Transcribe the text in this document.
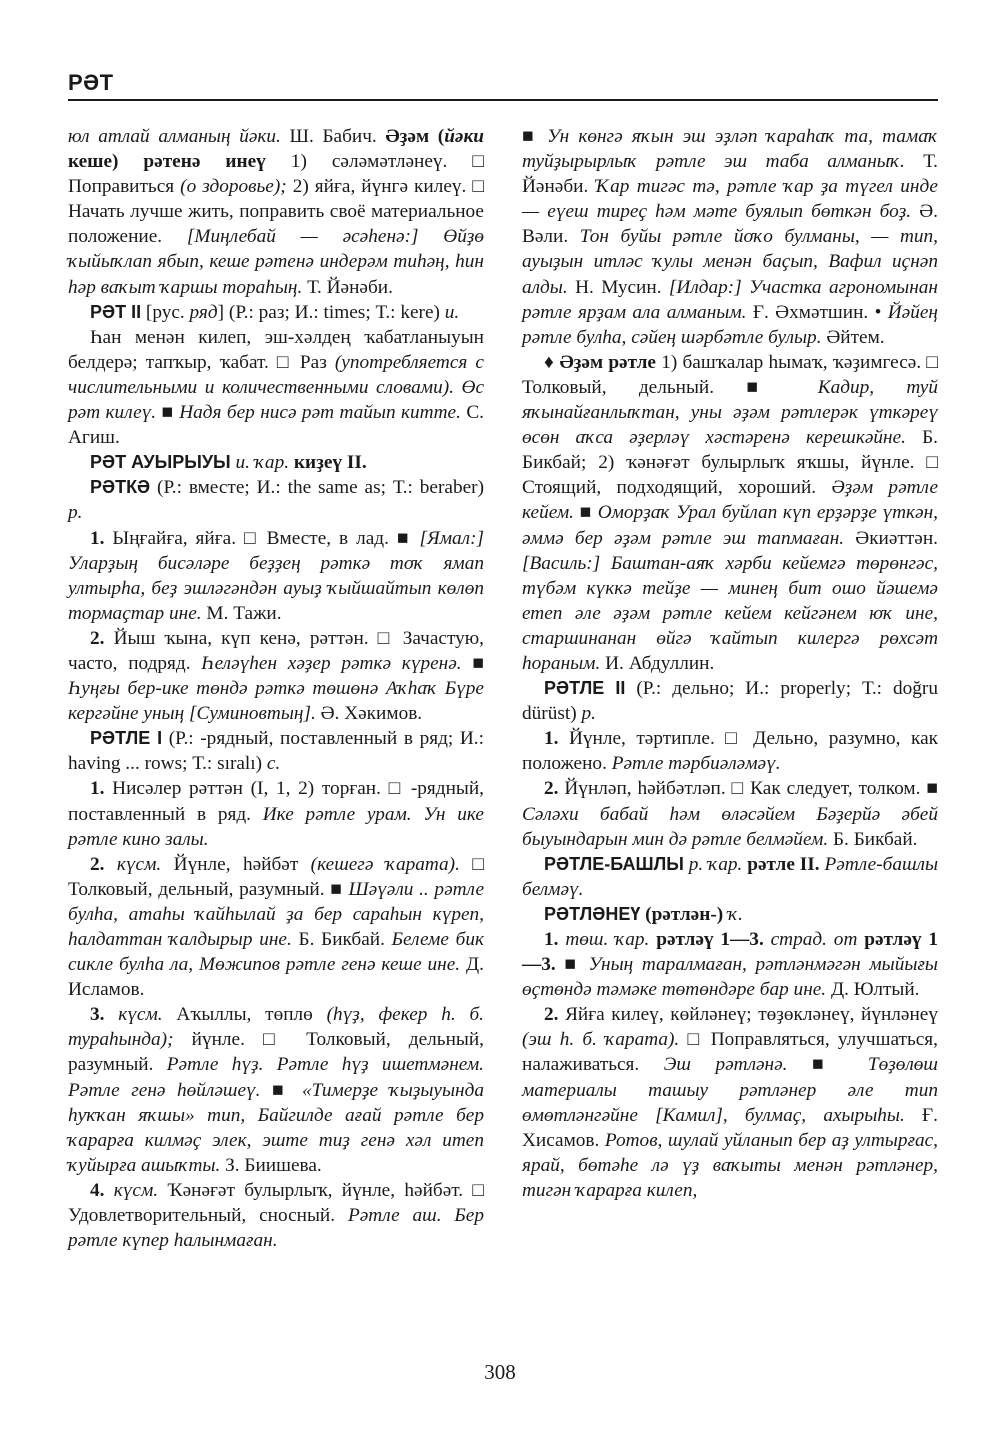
РӘТ

юл атлай алманың йәки. Ш. Бабич. Әҙәм (йәки кеше) рәтенә инеү 1) сәләмәтләнеү. □ Поправиться (о здоровье); 2) яйға, йүнгә килеү. □ Начать лучше жить, поправить своё материальное положение. [Миңлебай — әсәһенә:] Өйҙө ҡыйыҡлап ябып, кеше рәтенә индерәм тиһәң, һин һәр ваҡыт ҡаршы тораһың. Т. Йәнәби.

РӘТ II [рус. ряд] (Р.: раз; И.: times; Т.: kere) и.

Һан менән килеп, эш-хәлдең ҡабатланыуын белдерә; тапҡыр, ҡабат. □ Раз (употребляется с числительными и количественными словами). Өс рәт килеү. ■ Надя бер нисә рәт тайып китте. С. Агиш.

РӘТ АУЫРЫУЫ и. ҡар. киҙеү II.

РӘТКӘ (Р.: вместе; И.: the same as; Т.: beraber) р.

1. Ыңғайға, яйға. □ Вместе, в лад. ■ [Ямал:] Уларҙың бисәләре беҙҙең рәткә тоҡ ямап ултырһа, беҙ эшләгәндән ауыҙ ҡыйшайтып көлөп тормаҫтар ине. М. Тажи.

2. Йыш ҡына, күп кенә, рәттән. □ Зачастую, часто, подряд. Һеләүһен хәҙер рәткә күренә. ■ Һуңғы бер-ике төндә рәткә төшөнә Аҡһаҡ Бүре кергәйне уның [Суминовтың]. Ә. Хәкимов.

РӘТЛЕ I (Р.: -рядный, поставленный в ряд; И.: having ... rows; Т.: sıralı) с.

1. Нисәлер рәттән (I, 1, 2) торған. □ -рядный, поставленный в ряд. Ике рәтле урам. Ун ике рәтле кино залы.

2. күсм. Йүнле, һәйбәт (кешегә ҡарата). □ Толковый, дельный, разумный. ■ Шәүәли .. рәтле булһа, атаһы ҡайһылай ҙа бер сараһын күреп, һалдаттан ҡалдырыр ине. Б. Бикбай. Белеме бик сикле булһа ла, Мөжипов рәтле генә кеше ине. Д. Исламов.

3. күсм. Аҡыллы, төплө (һүҙ, фекер һ. б. тураһында); йүнле. □ Толковый, дельный, разумный. Рәтле һүҙ. Рәтле һүҙ ишетмәнем. Рәтле генә һөйләшеү. ■ «Тимерҙе ҡыҙыуында һуҡҡан яҡшы» тип, Байгилде ағай рәтле бер ҡарарға килмәҫ элек, эште тиҙ генә хәл итеп ҡуйырға ашыҡты. З. Биишева.

4. күсм. Ҡәнәғәт булырлыҡ, йүнле, һәйбәт. □ Удовлетворительный, сносный. Рәтле аш. Бер рәтле күпер һалынмаған.

■ Ун көнгә яҡын эш эҙләп ҡараһаҡ та, тамаҡ туйҙырырлыҡ рәтле эш таба алманыҡ. Т. Йәнәби. Ҡар тигәс тә, рәтле ҡар ҙа түгел инде — еүеш тиреҫ һәм мәте буялып бөткән боҙ. Ә. Вәли. Тон буйы рәтле йоҡо булманы, — тип, ауыҙын итләс ҡулы менән баҫып, Вафил иҫнәп алды. Н. Мусин. [Илдар:] Участка агрономынан рәтле ярҙам ала алманым. Ғ. Әхмәтшин. • Йәйең рәтле булһа, сәйең шәрбәтле булыр. Әйтем.

♦ Әҙәм рәтле 1) башҡалар һымаҡ, ҡәҙимгесә. □ Толковый, дельный. ■ Кадир, туй яҡынайғанлыҡтан, уны әҙәм рәтлерәк үткәреү өсөн аҡса әҙерләү хәстәренә керешкәйне. Б. Бикбай; 2) ҡәнәғәт булырлыҡ яҡшы, йүнле. □ Стоящий, подходящий, хороший. Әҙәм рәтле кейем. ■ Оморҙаҡ Урал буйлап күп ерҙәрҙе үткән, әммә бер әҙәм рәтле эш тапмаған. Әкиәттән. [Василь:] Баштан-аяҡ хәрби кейемгә төрөнгәс, түбәм күккә тейҙе — минең бит ошо йәшемә етеп әле әҙәм рәтле кейем кейгәнем юҡ ине, старшинанан өйгә ҡайтып килергә рөхсәт һораным. И. Абдуллин.

РӘТЛЕ II (Р.: дельно; И.: properly; Т.: doğru dürüst) р.

1. Йүнле, тәртипле. □ Дельно, разумно, как положено. Рәтле тәрбиәләмәү.

2. Йүнләп, һәйбәтләп. □ Как следует, толком. ■ Сәләхи бабай һәм өләсәйем Бәҙерйә әбей быуындарын мин дә рәтле белмәйем. Б. Бикбай.

РӘТЛЕ-БАШЛЫ р. ҡар. рәтле II. Рәтле-башлы белмәү.

РӘТЛӘНЕҮ (рәтлән-) ҡ.

1. төш. ҡар. рәтләү 1—3. страд. от рәтләү 1—3. ■ Уның таралмаған, рәтләнмәгән мыйығы өҫтөндә тәмәке төтөндәре бар ине. Д. Юлтый.

2. Яйға килеү, көйләнеү; төҙөкләнеү, йүнләнеү (эш һ. б. ҡарата). □ Поправляться, улучшаться, налаживаться. Эш рәтләнә. ■ Төҙөлөш материалы ташыу рәтләнер әле тип өмөтләнгәйне [Камил], булмаҫ, ахырыһы. Ғ. Хисамов. Ротов, шулай уйланып бер аҙ ултырғас, ярай, бөтәһе лә үҙ ваҡыты менән рәтләнер, тигән ҡарарға килеп,

308
